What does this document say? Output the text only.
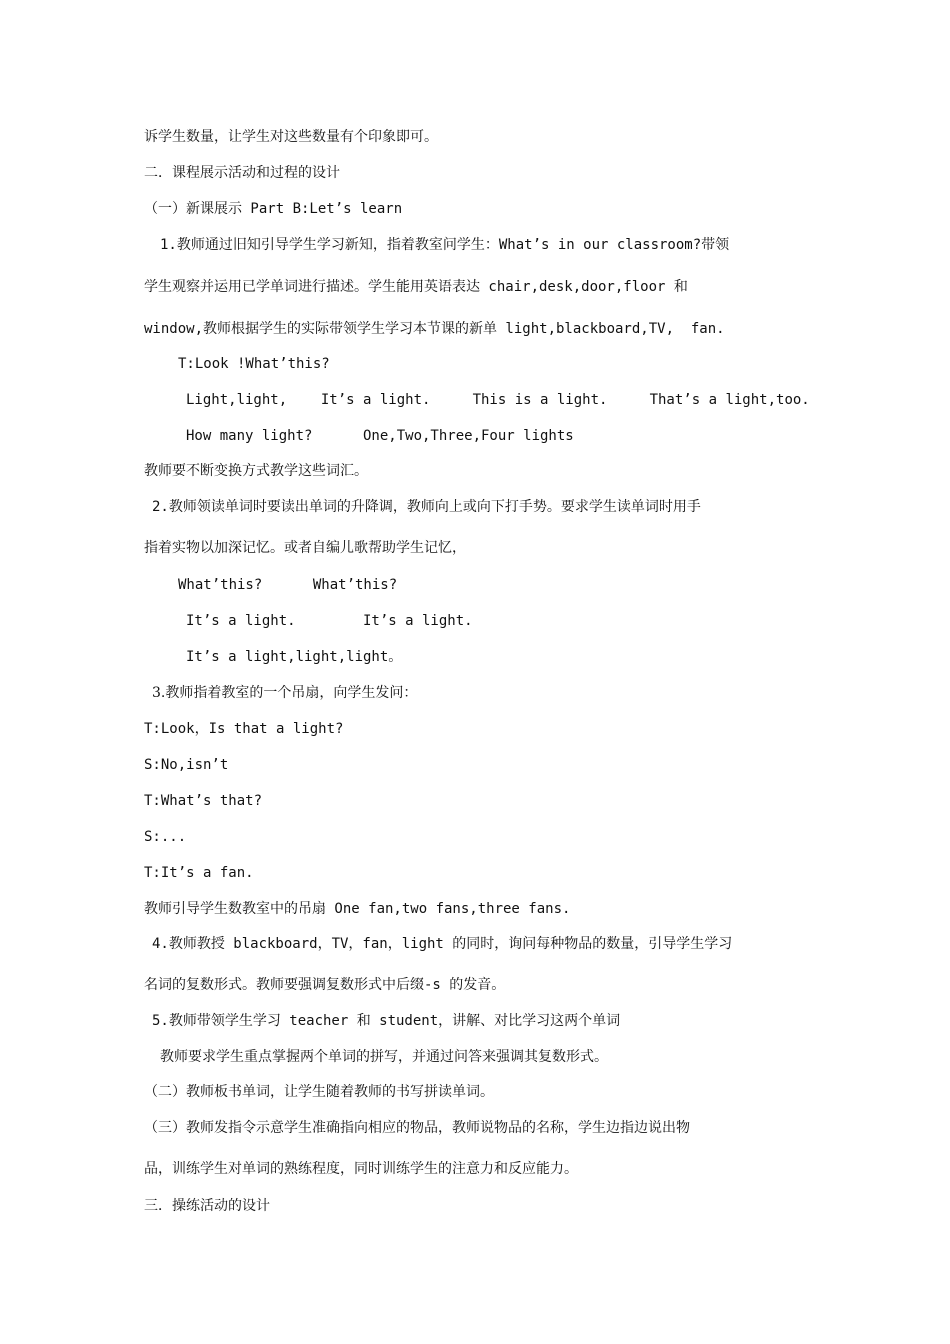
诉学生数量，让学生对这些数量有个印象即可。

二．课程展示活动和过程的设计

（一）新课展示 Part B:Let’s learn

1.教师通过旧知引导学生学习新知，指着教室问学生：What’s in our classroom?带领

学生观察并运用已学单词进行描述。学生能用英语表达 chair,desk,door,floor 和

window,教师根据学生的实际带领学生学习本节课的新单 light,blackboard,TV,  fan.

T:Look !What’this?

Light,light,    It’s a light.     This is a light.     That’s a light,too.

How many light?      One,Two,Three,Four lights

教师要不断变换方式教学这些词汇。

2.教师领读单词时要读出单词的升降调，教师向上或向下打手势。要求学生读单词时用手

指着实物以加深记忆。或者自编儿歌帮助学生记忆，

What’this?      What’this?

It’s a light.        It’s a light.

It’s a light,light,light。

3.教师指着教室的一个吊扇，向学生发问：

T:Look，Is that a light?

S:No,isn’t

T:What’s that?

S:...

T:It’s a fan.

教师引导学生数教室中的吊扇 One fan,two fans,three fans.

4.教师教授 blackboard，TV，fan，light 的同时，询问每种物品的数量，引导学生学习

名词的复数形式。教师要强调复数形式中后缀-s 的发音。

5.教师带领学生学习 teacher 和 student，讲解、对比学习这两个单词

教师要求学生重点掌握两个单词的拼写，并通过问答来强调其复数形式。

（二）教师板书单词，让学生随着教师的书写拼读单词。

（三）教师发指令示意学生准确指向相应的物品，教师说物品的名称，学生边指边说出物

品，训练学生对单词的熟练程度，同时训练学生的注意力和反应能力。

三．操练活动的设计
